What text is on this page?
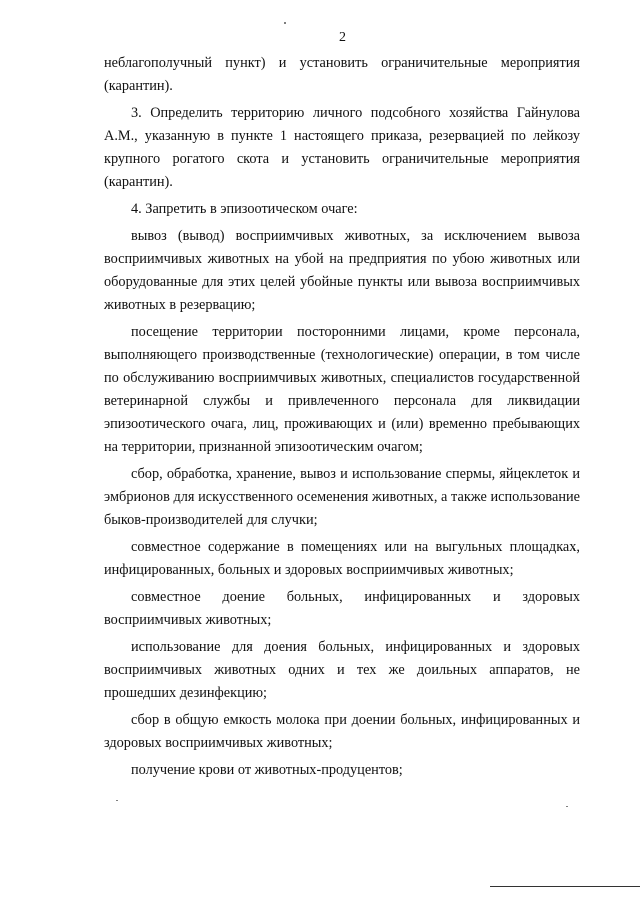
2

неблагополучный пункт) и установить ограничительные мероприятия (карантин).

3. Определить территорию личного подсобного хозяйства Гайнулова А.М., указанную в пункте 1 настоящего приказа, резервацией по лейкозу крупного рогатого скота и установить ограничительные мероприятия (карантин).

4. Запретить в эпизоотическом очаге:

вывоз (вывод) восприимчивых животных, за исключением вывоза восприимчивых животных на убой на предприятия по убою животных или оборудованные для этих целей убойные пункты или вывоза восприимчивых животных в резервацию;

посещение территории посторонними лицами, кроме персонала, выполняющего производственные (технологические) операции, в том числе по обслуживанию восприимчивых животных, специалистов государственной ветеринарной службы и привлеченного персонала для ликвидации эпизоотического очага, лиц, проживающих и (или) временно пребывающих на территории, признанной эпизоотическим очагом;

сбор, обработка, хранение, вывоз и использование спермы, яйцеклеток и эмбрионов для искусственного осеменения животных, а также использование быков-производителей для случки;

совместное содержание в помещениях или на выгульных площадках, инфицированных, больных и здоровых восприимчивых животных;

совместное доение больных, инфицированных и здоровых восприимчивых животных;

использование для доения больных, инфицированных и здоровых восприимчивых животных одних и тех же доильных аппаратов, не прошедших дезинфекцию;

сбор в общую емкость молока при доении больных, инфицированных и здоровых восприимчивых животных;

получение крови от животных-продуцентов;
